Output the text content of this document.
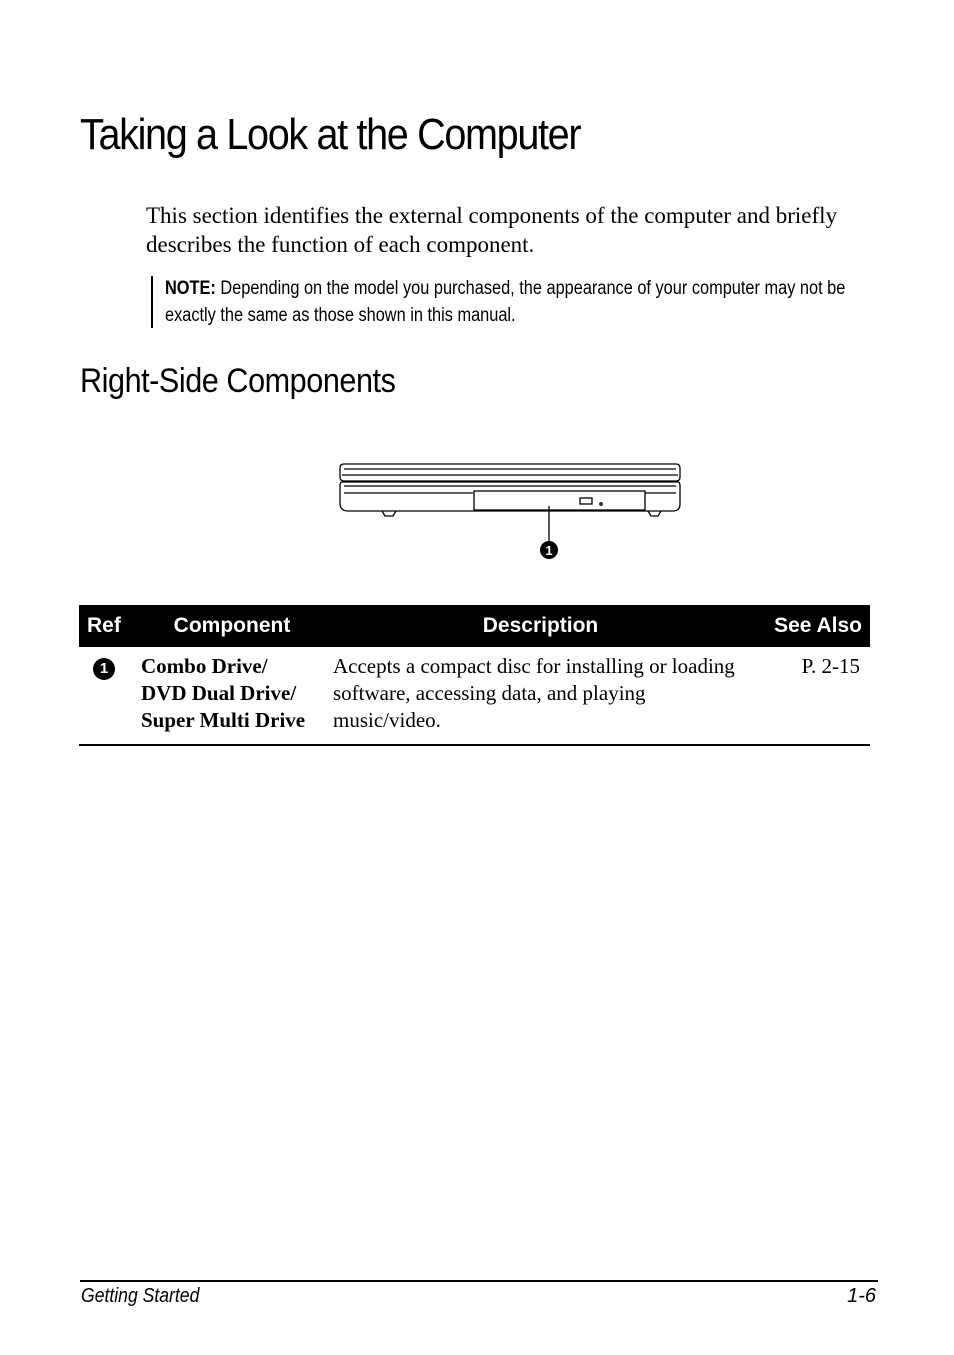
Taking a Look at the Computer

This section identifies the external components of the computer and briefly describes the function of each component.

NOTE: Depending on the model you purchased, the appearance of your computer may not be exactly the same as those shown in this manual.

Right-Side Components
1
Ref	Component	Description	See Also
1	Combo Drive/
DVD Dual Drive/
Super Multi Drive	Accepts a compact disc for installing or loading software, accessing data, and playing music/video.	P. 2-15
Getting Started	1-6
